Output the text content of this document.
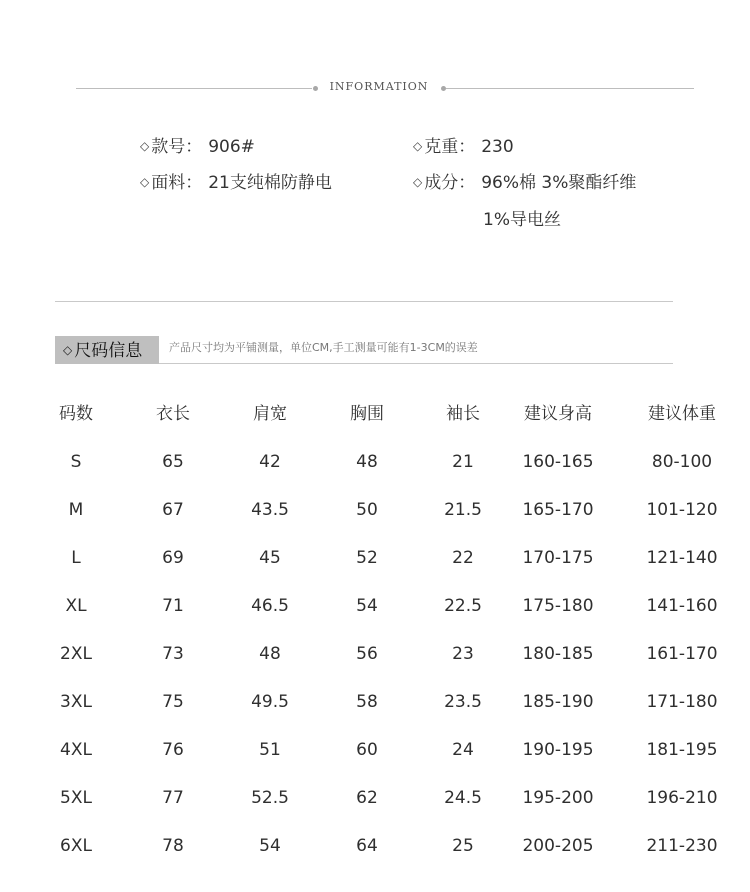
INFORMATION
◇ 款号： 906#	◇ 克重： 230
◇ 面料： 21支纯棉防静电	◇ 成分： 96%棉 3%聚酯纤维
1%导电丝
◇ 尺码信息	产品尺寸均为平铺测量，单位CM,手工测量可能有1-3CM的误差
码数	衣长	肩宽	胸围	袖长	建议身高	建议体重
S	65	42	48	21	160-165	80-100
M	67	43.5	50	21.5	165-170	101-120
L	69	45	52	22	170-175	121-140
XL	71	46.5	54	22.5	175-180	141-160
2XL	73	48	56	23	180-185	161-170
3XL	75	49.5	58	23.5	185-190	171-180
4XL	76	51	60	24	190-195	181-195
5XL	77	52.5	62	24.5	195-200	196-210
6XL	78	54	64	25	200-205	211-230
